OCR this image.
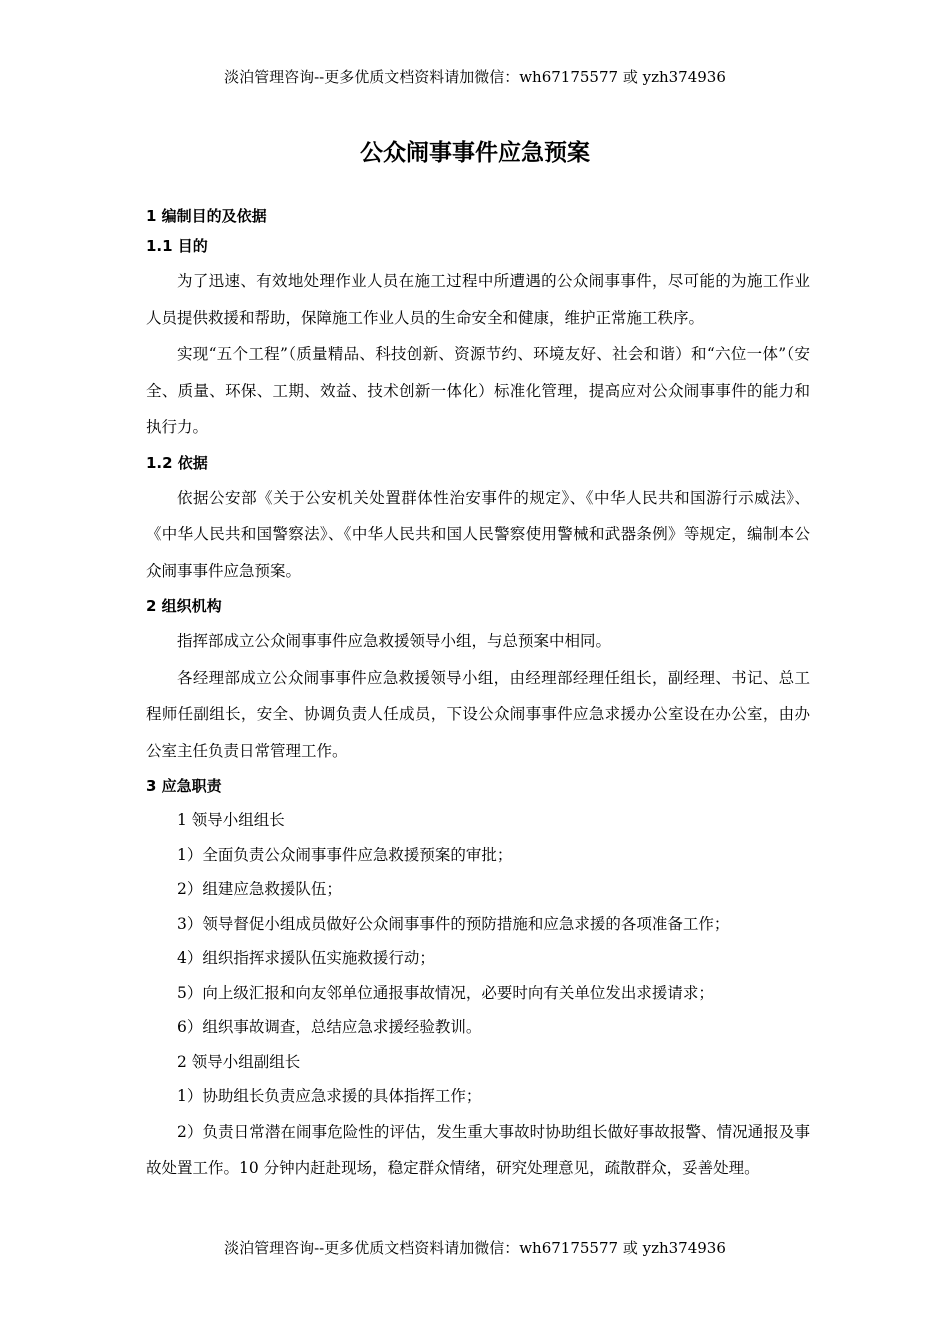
淡泊管理咨询--更多优质文档资料请加微信：wh67175577 或 yzh374936
公众闹事事件应急预案
1 编制目的及依据
1.1 目的

为了迅速、有效地处理作业人员在施工过程中所遭遇的公众闹事事件，尽可能的为施工作业人员提供救援和帮助，保障施工作业人员的生命安全和健康，维护正常施工秩序。

实现“五个工程”（质量精品、科技创新、资源节约、环境友好、社会和谐）和“六位一体”（安全、质量、环保、工期、效益、技术创新一体化）标准化管理，提高应对公众闹事事件的能力和执行力。

1.2 依据

依据公安部《关于公安机关处置群体性治安事件的规定》、《中华人民共和国游行示威法》、《中华人民共和国警察法》、《中华人民共和国人民警察使用警械和武器条例》等规定，编制本公众闹事事件应急预案。

2 组织机构

指挥部成立公众闹事事件应急救援领导小组，与总预案中相同。

各经理部成立公众闹事事件应急救援领导小组，由经理部经理任组长，副经理、书记、总工程师任副组长，安全、协调负责人任成员，下设公众闹事事件应急求援办公室设在办公室，由办公室主任负责日常管理工作。

3 应急职责
1 领导小组组长
1）全面负责公众闹事事件应急救援预案的审批；
2）组建应急救援队伍；
3）领导督促小组成员做好公众闹事事件的预防措施和应急求援的各项准备工作；
4）组织指挥求援队伍实施救援行动；
5）向上级汇报和向友邻单位通报事故情况，必要时向有关单位发出求援请求；
6）组织事故调查，总结应急求援经验教训。
2 领导小组副组长
1）协助组长负责应急求援的具体指挥工作；

2）负责日常潜在闹事危险性的评估，发生重大事故时协助组长做好事故报警、情况通报及事故处置工作。10 分钟内赶赴现场，稳定群众情绪，研究处理意见，疏散群众，妥善处理。

淡泊管理咨询--更多优质文档资料请加微信：wh67175577 或 yzh374936
